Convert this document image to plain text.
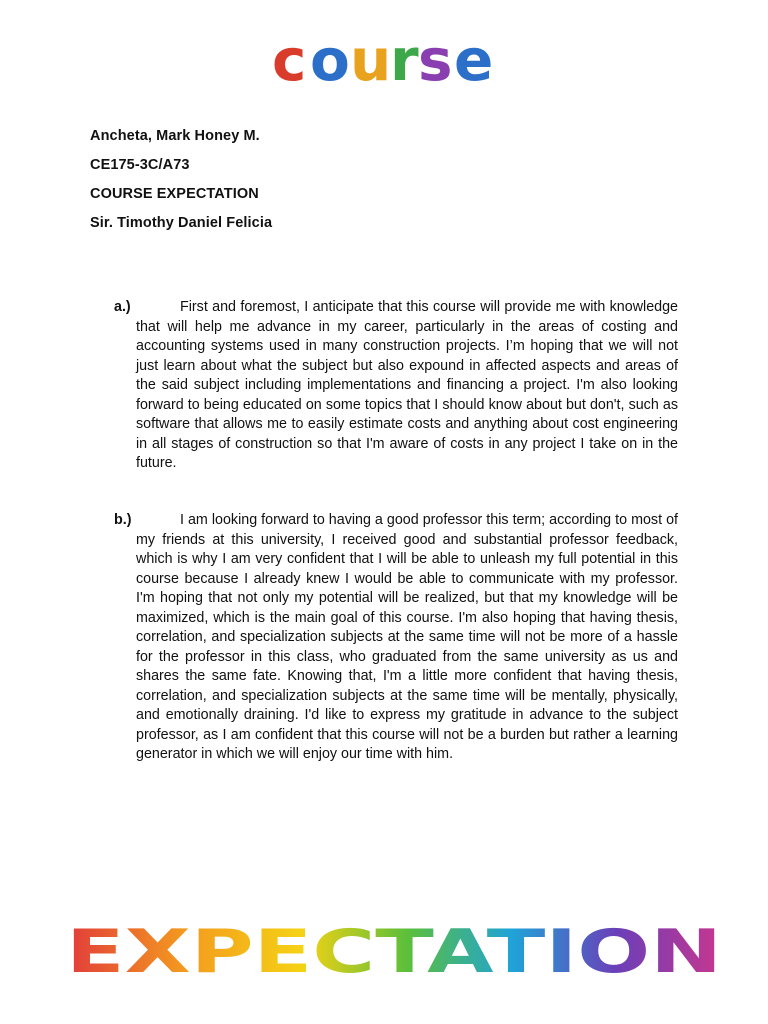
c o u
r s e
Ancheta, Mark Honey M.
CE175-3C/A73
COURSE EXPECTATION
Sir. Timothy Daniel Felicia
a.)	First and foremost, I anticipate that this course will provide me with knowledge that will help me advance in my career, particularly in the areas of costing and accounting systems used in many construction projects. I’m hoping that we will not just learn about what the subject but also expound in affected aspects and areas of the said subject including implementations and financing a project. I'm also looking forward to being educated on some topics that I should know about but don't, such as software that allows me to easily estimate costs and anything about cost engineering in all stages of construction so that I'm aware of costs in any project I take on in the future.
b.)	I am looking forward to having a good professor this term; according to most of my friends at this university, I received good and substantial professor feedback, which is why I am very confident that I will be able to unleash my full potential in this course because I already knew I would be able to communicate with my professor. I'm hoping that not only my potential will be realized, but that my knowledge will be maximized, which is the main goal of this course. I'm also hoping that having thesis, correlation, and specialization subjects at the same time will not be more of a hassle for the professor in this class, who graduated from the same university as us and shares the same fate. Knowing that, I'm a little more confident that having thesis, correlation, and specialization subjects at the same time will be mentally, physically, and emotionally draining. I'd like to express my gratitude in advance to the subject professor, as I am confident that this course will not be a burden but rather a learning generator in which we will enjoy our time with him.
EXPECTATION
